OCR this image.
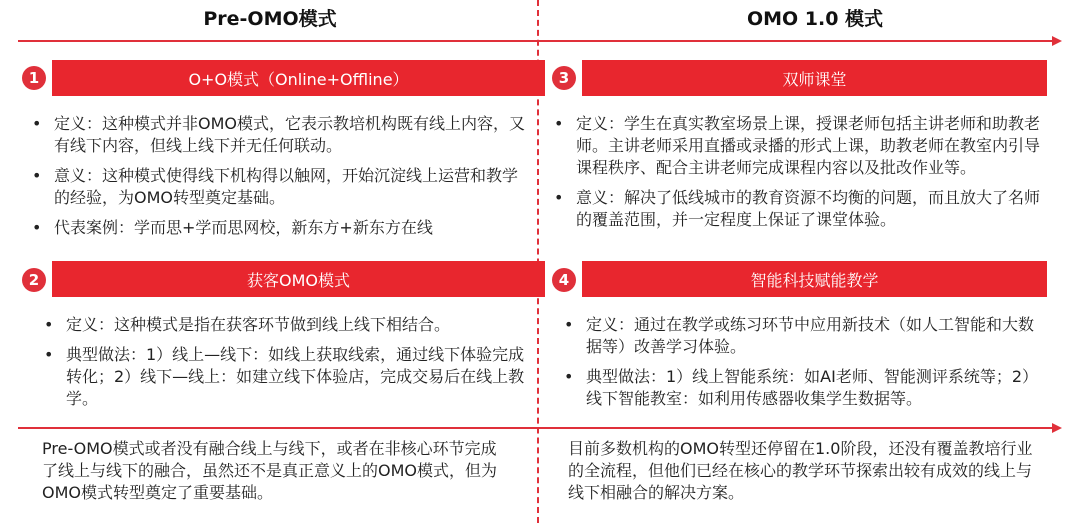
Pre-OMO模式	OMO 1.0 模式
1	O+O模式（Online+Offline）
• 定义：这种模式并非OMO模式，它表示教培机构既有线上内容，又有线下内容，但线上线下并无任何联动。
• 意义：这种模式使得线下机构得以触网，开始沉淀线上运营和教学的经验，为OMO转型奠定基础。
• 代表案例：学而思+学而思网校，新东方+新东方在线
2	获客OMO模式
• 定义：这种模式是指在获客环节做到线上线下相结合。
• 典型做法：1）线上—线下：如线上获取线索，通过线下体验完成转化；2）线下—线上：如建立线下体验店，完成交易后在线上教学。
3	双师课堂
• 定义：学生在真实教室场景上课，授课老师包括主讲老师和助教老师。主讲老师采用直播或录播的形式上课，助教老师在教室内引导课程秩序、配合主讲老师完成课程内容以及批改作业等。
• 意义：解决了低线城市的教育资源不均衡的问题，而且放大了名师的覆盖范围，并一定程度上保证了课堂体验。
4	智能科技赋能教学
• 定义：通过在教学或练习环节中应用新技术（如人工智能和大数据等）改善学习体验。
• 典型做法：1）线上智能系统：如AI老师、智能测评系统等；2）线下智能教室：如利用传感器收集学生数据等。
Pre-OMO模式或者没有融合线上与线下，或者在非核心环节完成了线上与线下的融合，虽然还不是真正意义上的OMO模式，但为OMO模式转型奠定了重要基础。
目前多数机构的OMO转型还停留在1.0阶段，还没有覆盖教培行业的全流程，但他们已经在核心的教学环节探索出较有成效的线上与线下相融合的解决方案。
